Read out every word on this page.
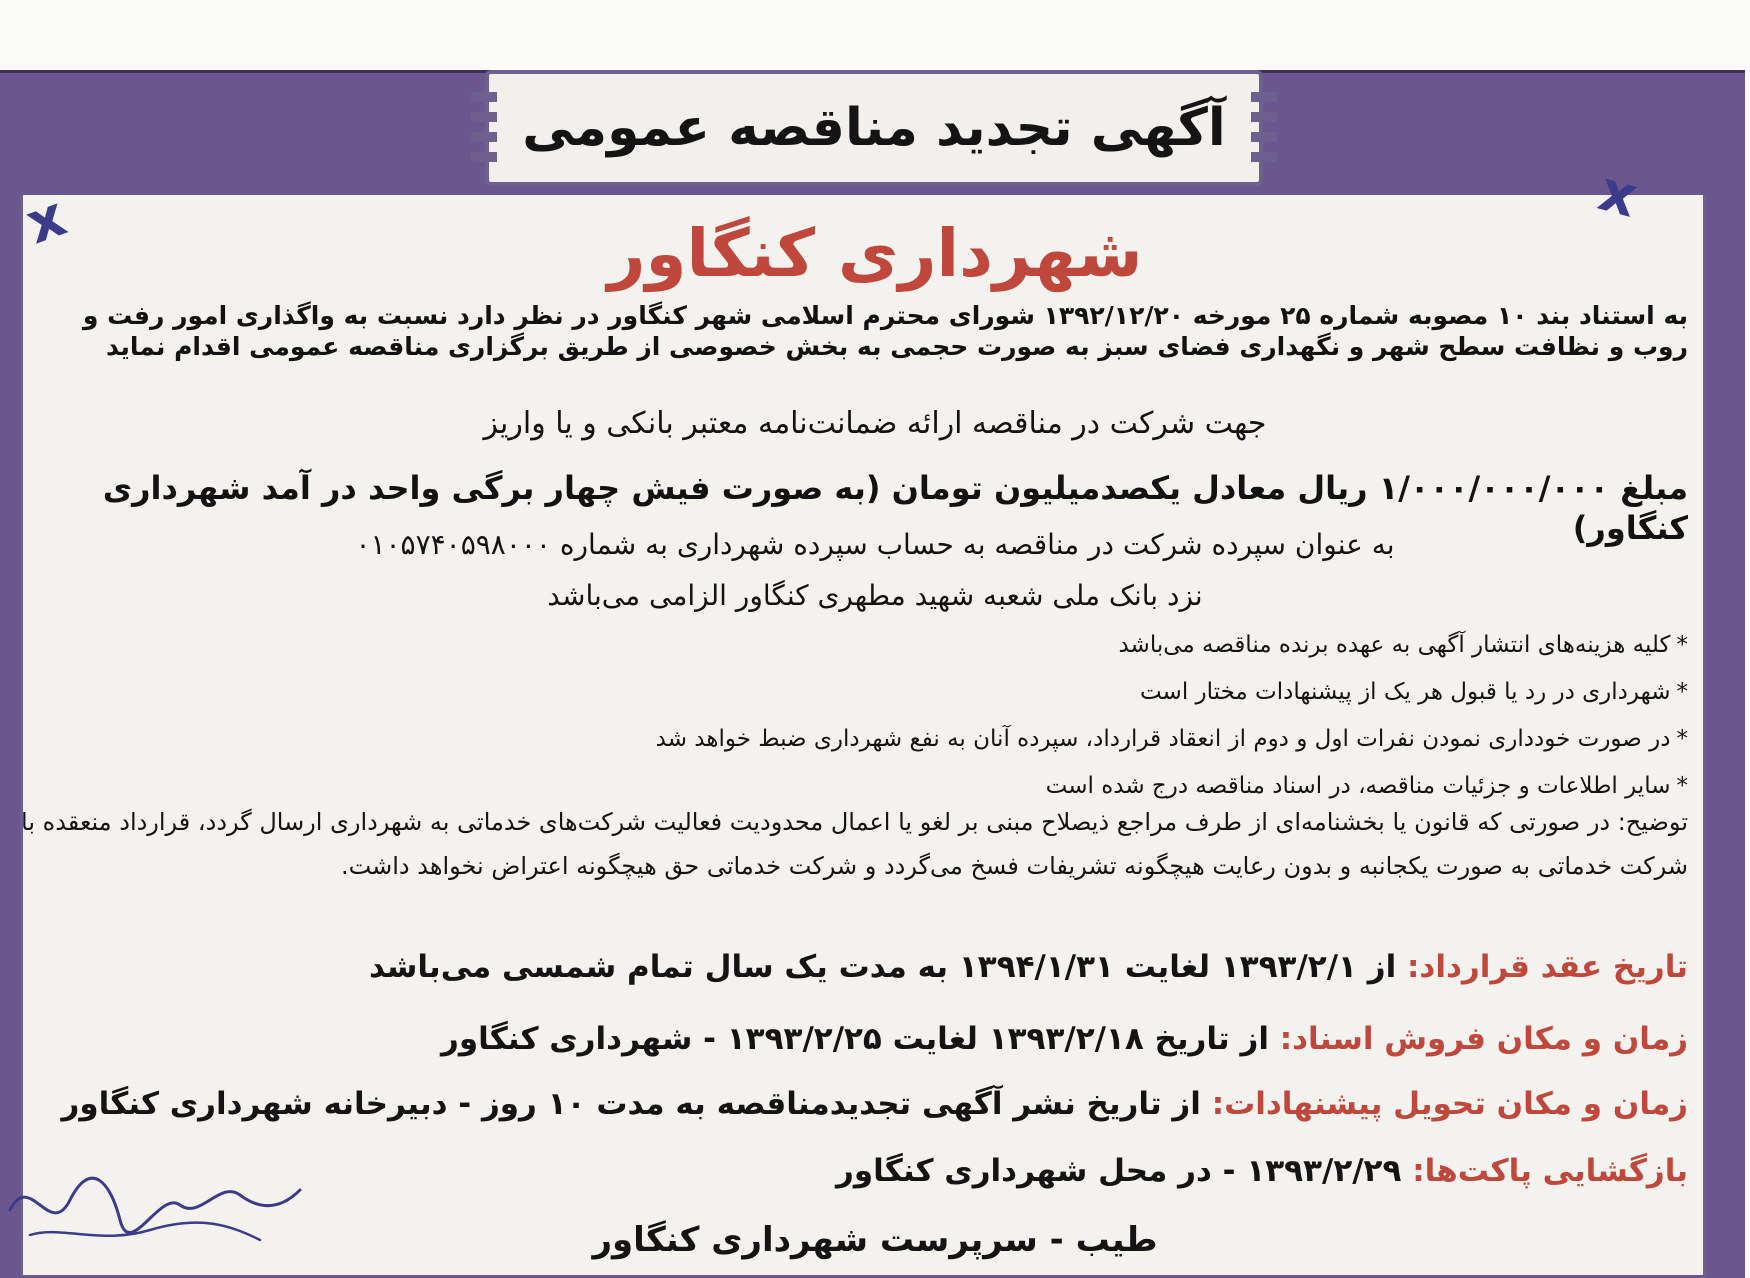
آگهی تجدید مناقصه عمومی
x	x
شهرداری کنگاور
به استناد بند ۱۰ مصوبه شماره ۲۵ مورخه ۱۳۹۲/۱۲/۲۰ شورای محترم اسلامی شهر کنگاور در نظر دارد نسبت به واگذاری امور رفت و روب و نظافت سطح شهر و نگهداری فضای سبز به صورت حجمی به بخش خصوصی از طریق برگزاری مناقصه عمومی اقدام نماید
جهت شرکت در مناقصه ارائه ضمانت‌نامه معتبر بانکی و یا واریز
مبلغ ۱/۰۰۰/۰۰۰/۰۰۰ ریال معادل یکصدمیلیون تومان (به صورت فیش چهار برگی واحد در آمد شهرداری کنگاور)
به عنوان سپرده شرکت در مناقصه به حساب سپرده شهرداری به شماره ۰۱۰۵۷۴۰۵۹۸۰۰۰
نزد بانک ملی شعبه شهید مطهری کنگاور الزامی می‌باشد
*کلیه هزینه‌های انتشار آگهی به عهده برنده مناقصه می‌باشد
*شهرداری در رد یا قبول هر یک از پیشنهادات مختار است
*در صورت خودداری نمودن نفرات اول و دوم از انعقاد قرارداد، سپرده آنان به نفع شهرداری ضبط خواهد شد
*سایر اطلاعات و جزئیات مناقصه، در اسناد مناقصه درج شده است
توضیح: در صورتی که قانون یا بخشنامه‌ای از طرف مراجع ذیصلاح مبنی بر لغو یا اعمال محدودیت فعالیت شرکت‌های خدماتی به شهرداری ارسال گردد، قرارداد منعقده با شرکت خدماتی به صورت یکجانبه و بدون رعایت هیچگونه تشریفات فسخ می‌گردد و شرکت خدماتی حق هیچگونه اعتراض نخواهد داشت.
تاریخ عقد قرارداد: از ۱۳۹۳/۲/۱ لغایت ۱۳۹۴/۱/۳۱ به مدت یک سال تمام شمسی می‌باشد
زمان و مکان فروش اسناد: از تاریخ ۱۳۹۳/۲/۱۸ لغایت ۱۳۹۳/۲/۲۵ - شهرداری کنگاور
زمان و مکان تحویل پیشنهادات: از تاریخ نشر آگهی تجدیدمناقصه به مدت ۱۰ روز - دبیرخانه شهرداری کنگاور
بازگشایی پاکت‌ها: ۱۳۹۳/۲/۲۹ - در محل شهرداری کنگاور
طیب - سرپرست شهرداری کنگاور
